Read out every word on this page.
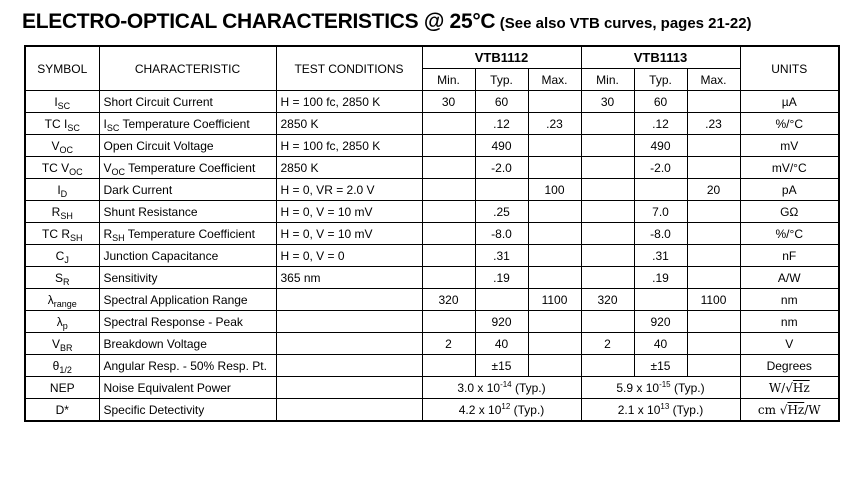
ELECTRO-OPTICAL CHARACTERISTICS @ 25°C (See also VTB curves, pages 21-22)
SYMBOL	CHARACTERISTIC	TEST CONDITIONS	VTB1112			VTB1113			UNITS
			Min.	Typ.	Max.	Min.	Typ.	Max.	
$I_{SC}$	Short Circuit Current	H = 100 fc, 2850 K	30	60		30	60		µA
TC $I_{SC}$	$I_{SC}$ Temperature Coefficient	2850 K		.12	.23		.12	.23	%/°C
$V_{OC}$	Open Circuit Voltage	H = 100 fc, 2850 K		490			490		mV
TC $V_{OC}$	$V_{OC}$ Temperature Coefficient	2850 K		-2.0			-2.0		mV/°C
$I_D$	Dark Current	H = 0, VR = 2.0 V			100			20	pA
$R_{SH}$	Shunt Resistance	H = 0, V = 10 mV		.25			7.0		GΩ
TC $R_{SH}$	$R_{SH}$ Temperature Coefficient	H = 0, V = 10 mV		-8.0			-8.0		%/°C
$C_J$	Junction Capacitance	H = 0, V = 0		.31			.31		nF
$S_R$	Sensitivity	365 nm		.19			.19		A/W
$\lambda_{range}$	Spectral Application Range		320		1100	320		1100	nm
$\lambda_p$	Spectral Response - Peak			920			920		nm
$V_{BR}$	Breakdown Voltage		2	40		2	40		V
$\theta_{1/2}$	Angular Resp. - 50% Resp. Pt.			±15			±15		Degrees
NEP	Noise Equivalent Power		3.0 x $10^{-14}$ (Typ.)			5.9 x $10^{-15}$ (Typ.)			W/√Hz
D*	Specific Detectivity		4.2 x $10^{12}$ (Typ.)			2.1 x $10^{13}$ (Typ.)			cm √Hz/W
